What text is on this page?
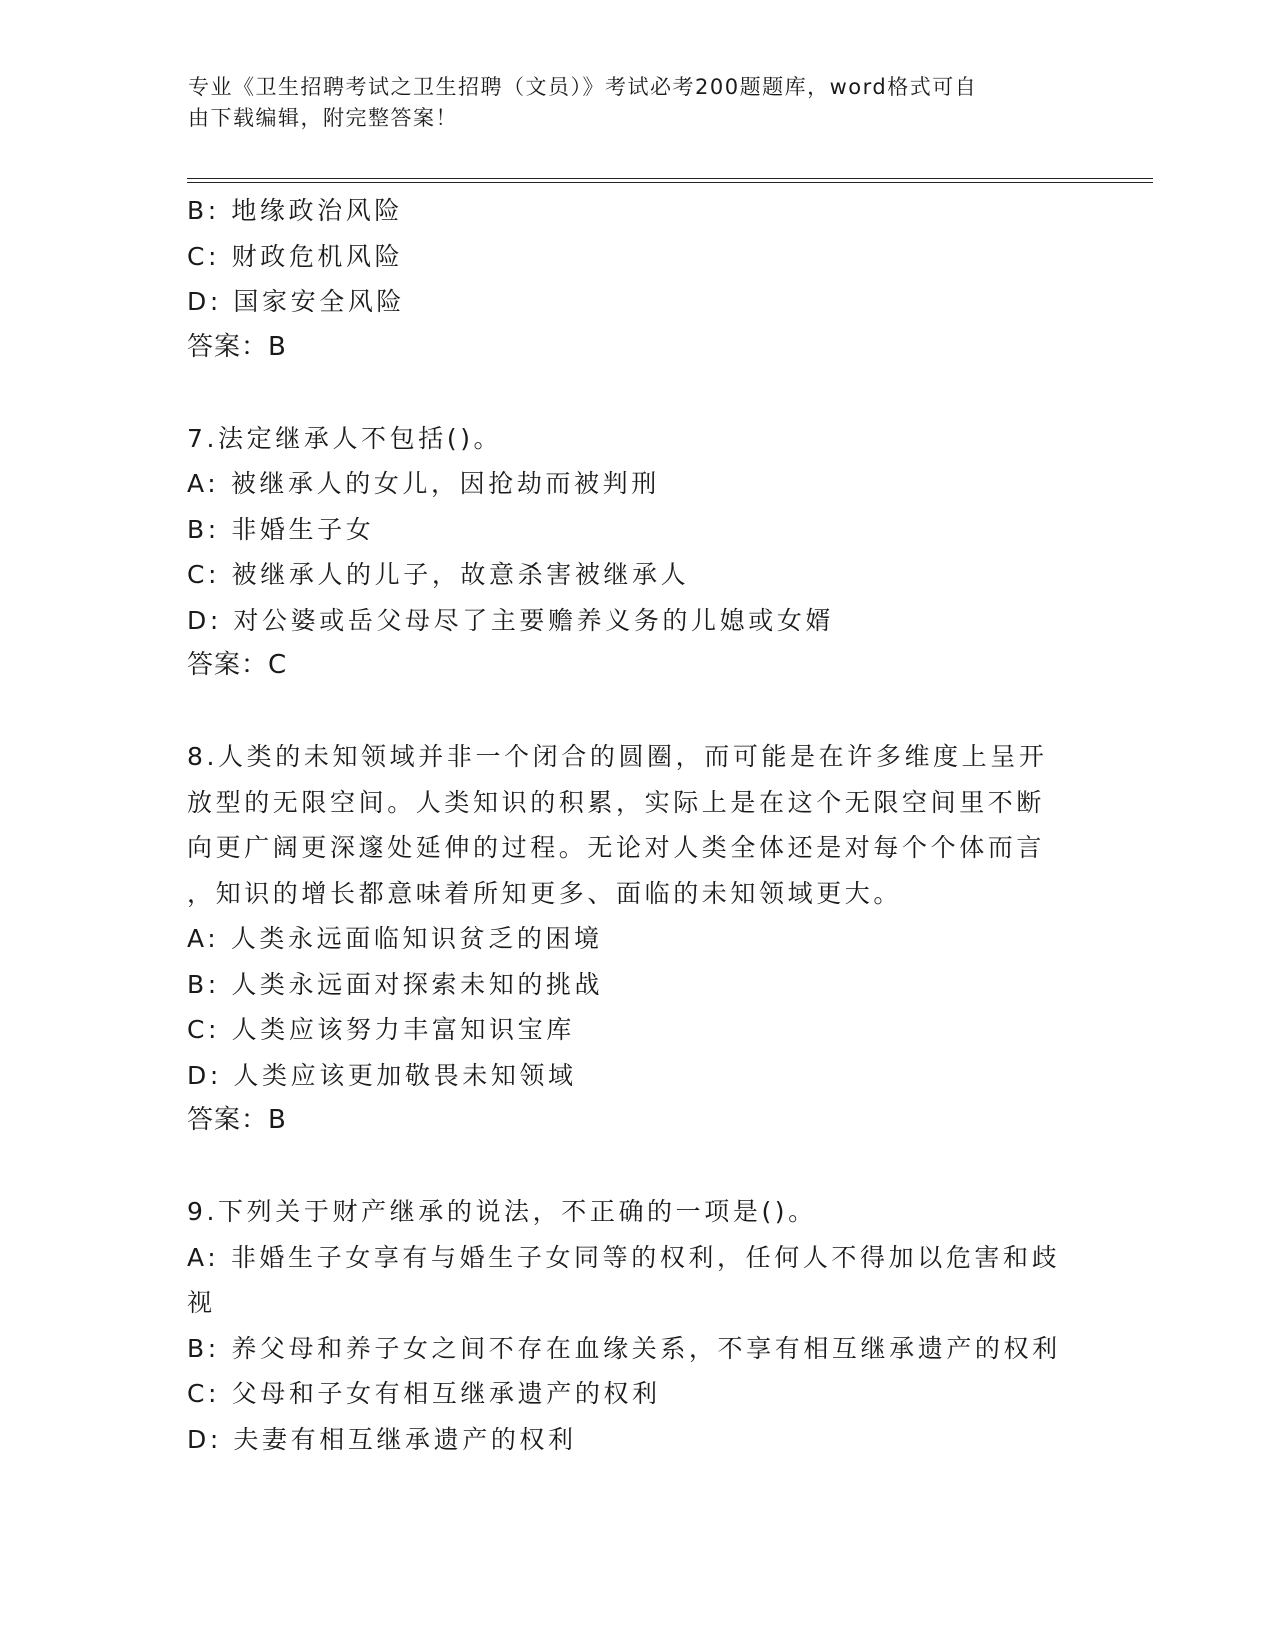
专业《卫生招聘考试之卫生招聘（文员）》考试必考200题题库，word格式可自
由下载编辑，附完整答案！
B: 地缘政治风险
C: 财政危机风险
D: 国家安全风险
答案：B
7.法定继承人不包括()。
A: 被继承人的女儿，因抢劫而被判刑
B: 非婚生子女
C: 被继承人的儿子，故意杀害被继承人
D: 对公婆或岳父母尽了主要赡养义务的儿媳或女婿
答案：C
8.人类的未知领域并非一个闭合的圆圈，而可能是在许多维度上呈开
放型的无限空间。人类知识的积累，实际上是在这个无限空间里不断
向更广阔更深邃处延伸的过程。无论对人类全体还是对每个个体而言
，知识的增长都意味着所知更多、面临的未知领域更大。
A: 人类永远面临知识贫乏的困境
B: 人类永远面对探索未知的挑战
C: 人类应该努力丰富知识宝库
D: 人类应该更加敬畏未知领域
答案：B
9.下列关于财产继承的说法，不正确的一项是()。
A: 非婚生子女享有与婚生子女同等的权利，任何人不得加以危害和歧
视
B: 养父母和养子女之间不存在血缘关系，不享有相互继承遗产的权利
C: 父母和子女有相互继承遗产的权利
D: 夫妻有相互继承遗产的权利
